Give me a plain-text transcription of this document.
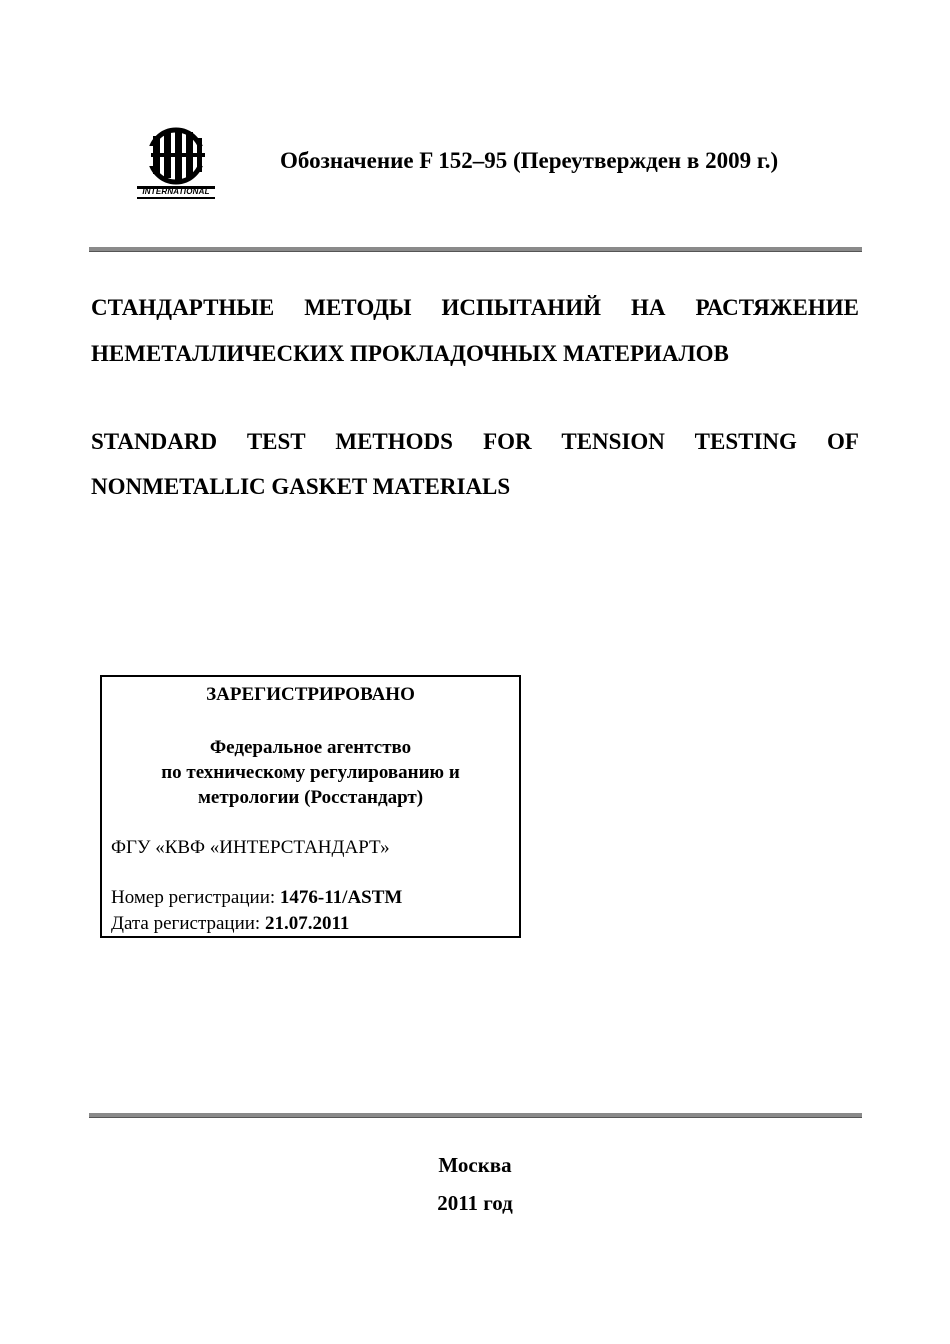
INTERNATIONAL
Обозначение F 152–95 (Переутвержден в 2009 г.)
СТАНДАРТНЫЕ МЕТОДЫ ИСПЫТАНИЙ НА РАСТЯЖЕНИЕ
НЕМЕТАЛЛИЧЕСКИХ ПРОКЛАДОЧНЫХ МАТЕРИАЛОВ
STANDARD TEST METHODS FOR TENSION TESTING OF
NONMETALLIC GASKET MATERIALS
ЗАРЕГИСТРИРОВАНО
Федеральное агентство
по техническому регулированию и
метрологии (Росстандарт)
ФГУ «КВФ «ИНТЕРСТАНДАРТ»
Номер регистрации: 1476-11/ASTM
Дата регистрации: 21.07.2011
Москва
2011 год
